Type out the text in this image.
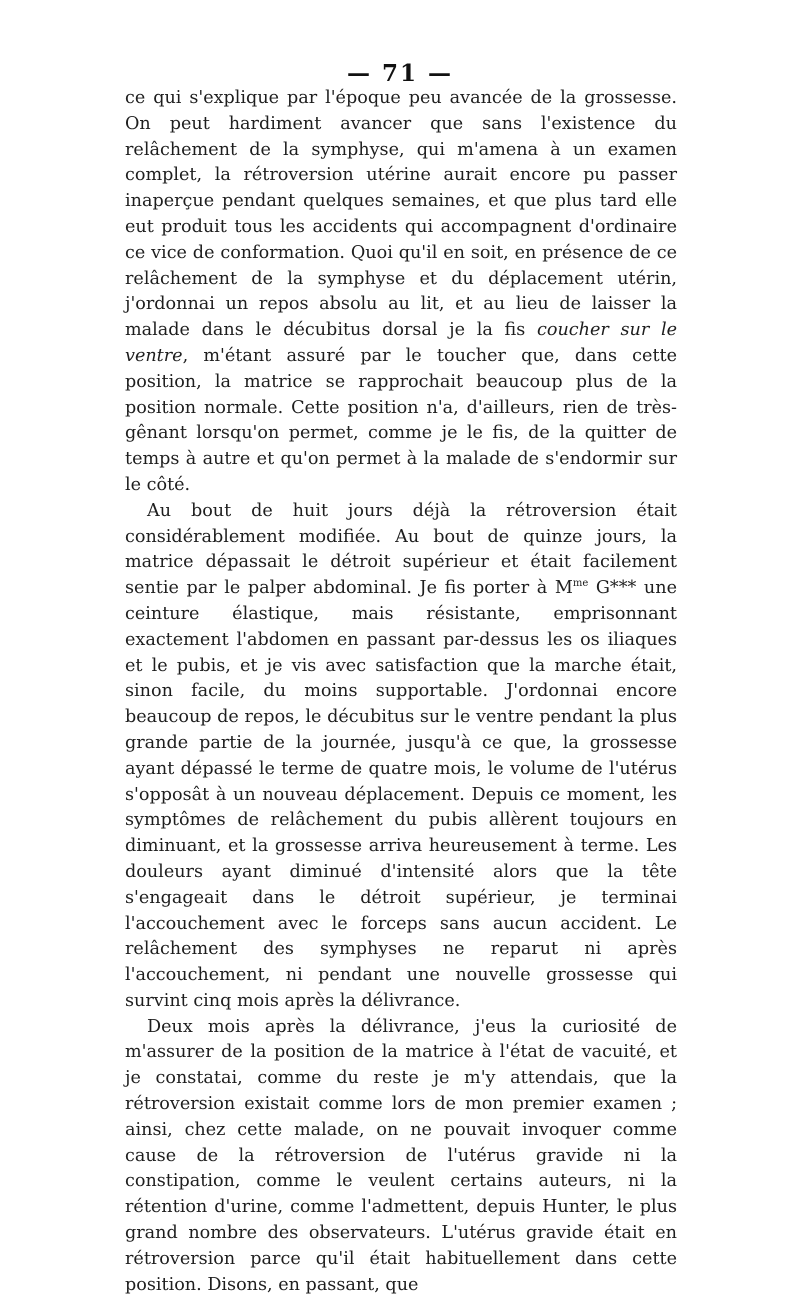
— 71 —

ce qui s'explique par l'époque peu avancée de la grossesse. On peut hardiment avancer que sans l'existence du relâchement de la symphyse, qui m'amena à un examen complet, la rétroversion utérine aurait encore pu passer inaperçue pendant quelques semaines, et que plus tard elle eut produit tous les accidents qui accompagnent d'ordinaire ce vice de conformation. Quoi qu'il en soit, en présence de ce relâchement de la symphyse et du déplacement utérin, j'ordonnai un repos absolu au lit, et au lieu de laisser la malade dans le décubitus dorsal je la fis coucher sur le ventre, m'étant assuré par le toucher que, dans cette position, la matrice se rapprochait beaucoup plus de la position normale. Cette position n'a, d'ailleurs, rien de très-gênant lorsqu'on permet, comme je le fis, de la quitter de temps à autre et qu'on permet à la malade de s'endormir sur le côté.

Au bout de huit jours déjà la rétroversion était considérablement modifiée. Au bout de quinze jours, la matrice dépassait le détroit supérieur et était facilement sentie par le palper abdominal. Je fis porter à $M^{me}$ G*** une ceinture élastique, mais résistante, emprisonnant exactement l'abdomen en passant par-dessus les os iliaques et le pubis, et je vis avec satisfaction que la marche était, sinon facile, du moins supportable. J'ordonnai encore beaucoup de repos, le décubitus sur le ventre pendant la plus grande partie de la journée, jusqu'à ce que, la grossesse ayant dépassé le terme de quatre mois, le volume de l'utérus s'opposât à un nouveau déplacement. Depuis ce moment, les symptômes de relâchement du pubis allèrent toujours en diminuant, et la grossesse arriva heureusement à terme. Les douleurs ayant diminué d'intensité alors que la tête s'engageait dans le détroit supérieur, je terminai l'accouchement avec le forceps sans aucun accident. Le relâchement des symphyses ne reparut ni après l'accouchement, ni pendant une nouvelle grossesse qui survint cinq mois après la délivrance.

Deux mois après la délivrance, j'eus la curiosité de m'assurer de la position de la matrice à l'état de vacuité, et je constatai, comme du reste je m'y attendais, que la rétroversion existait comme lors de mon premier examen ; ainsi, chez cette malade, on ne pouvait invoquer comme cause de la rétroversion de l'utérus gravide ni la constipation, comme le veulent certains auteurs, ni la rétention d'urine, comme l'admettent, depuis Hunter, le plus grand nombre des observateurs. L'utérus gravide était en rétroversion parce qu'il était habituellement dans cette position. Disons, en passant, que
